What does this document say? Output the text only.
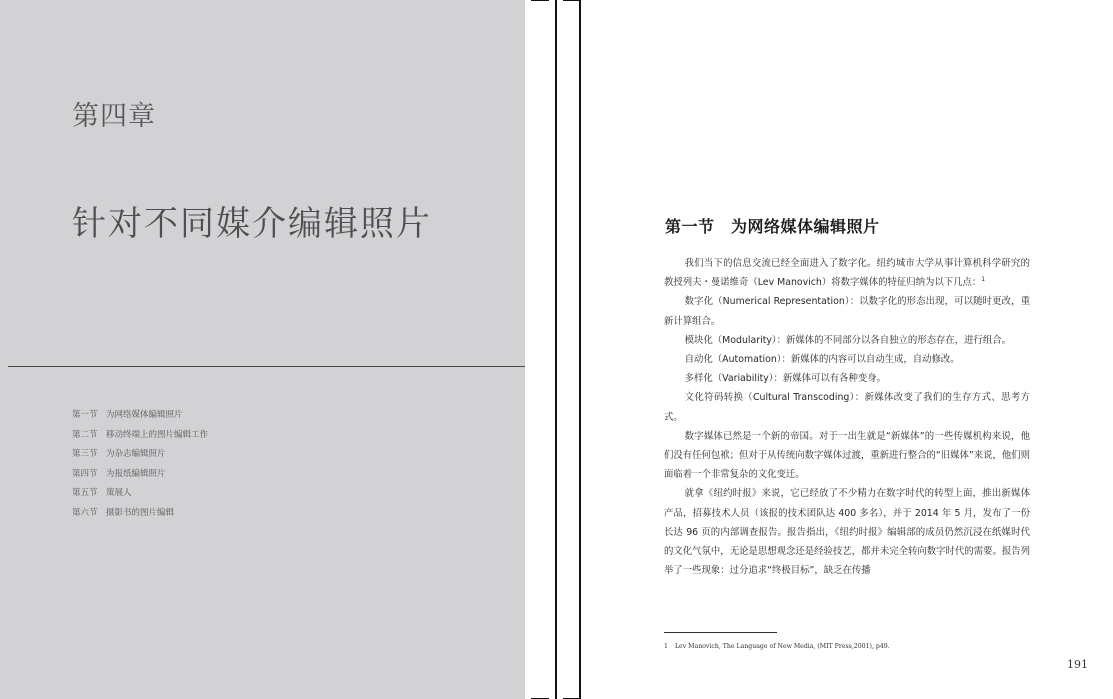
第四章
针对不同媒介编辑照片
第一节 为网络媒体编辑照片
第二节 移动终端上的图片编辑工作
第三节 为杂志编辑照片
第四节 为报纸编辑照片
第五节 策展人
第六节 摄影书的图片编辑
第一节　为网络媒体编辑照片

我们当下的信息交流已经全面进入了数字化。纽约城市大学从事计算机科学研究的教授列夫・曼诺维奇（Lev Manovich）将数字媒体的特征归纳为以下几点：$^1$

数字化（Numerical Representation）：以数字化的形态出现，可以随时更改，重新计算组合。

模块化（Modularity）：新媒体的不同部分以各自独立的形态存在，进行组合。

自动化（Automation）：新媒体的内容可以自动生成，自动修改。

多样化（Variability）：新媒体可以有各种变身。

文化符码转换（Cultural Transcoding）：新媒体改变了我们的生存方式、思考方式。

数字媒体已然是一个新的帝国。对于一出生就是“新媒体”的一些传媒机构来说，他们没有任何包袱；但对于从传统向数字媒体过渡，重新进行整合的“旧媒体”来说，他们则面临着一个非常复杂的文化变迁。

就拿《纽约时报》来说，它已经放了不少精力在数字时代的转型上面，推出新媒体产品，招募技术人员（该报的技术团队达 400 多名），并于 2014 年 5 月，发布了一份长达 96 页的内部调查报告。报告指出，《纽约时报》编辑部的成员仍然沉浸在纸媒时代的文化气氛中，无论是思想观念还是经验技艺，都并未完全转向数字时代的需要。报告列举了一些现象：过分追求“终极目标”，缺乏在传播

1 Lev Manovich, The Language of New Media, (MIT Press,2001), p49.
191
